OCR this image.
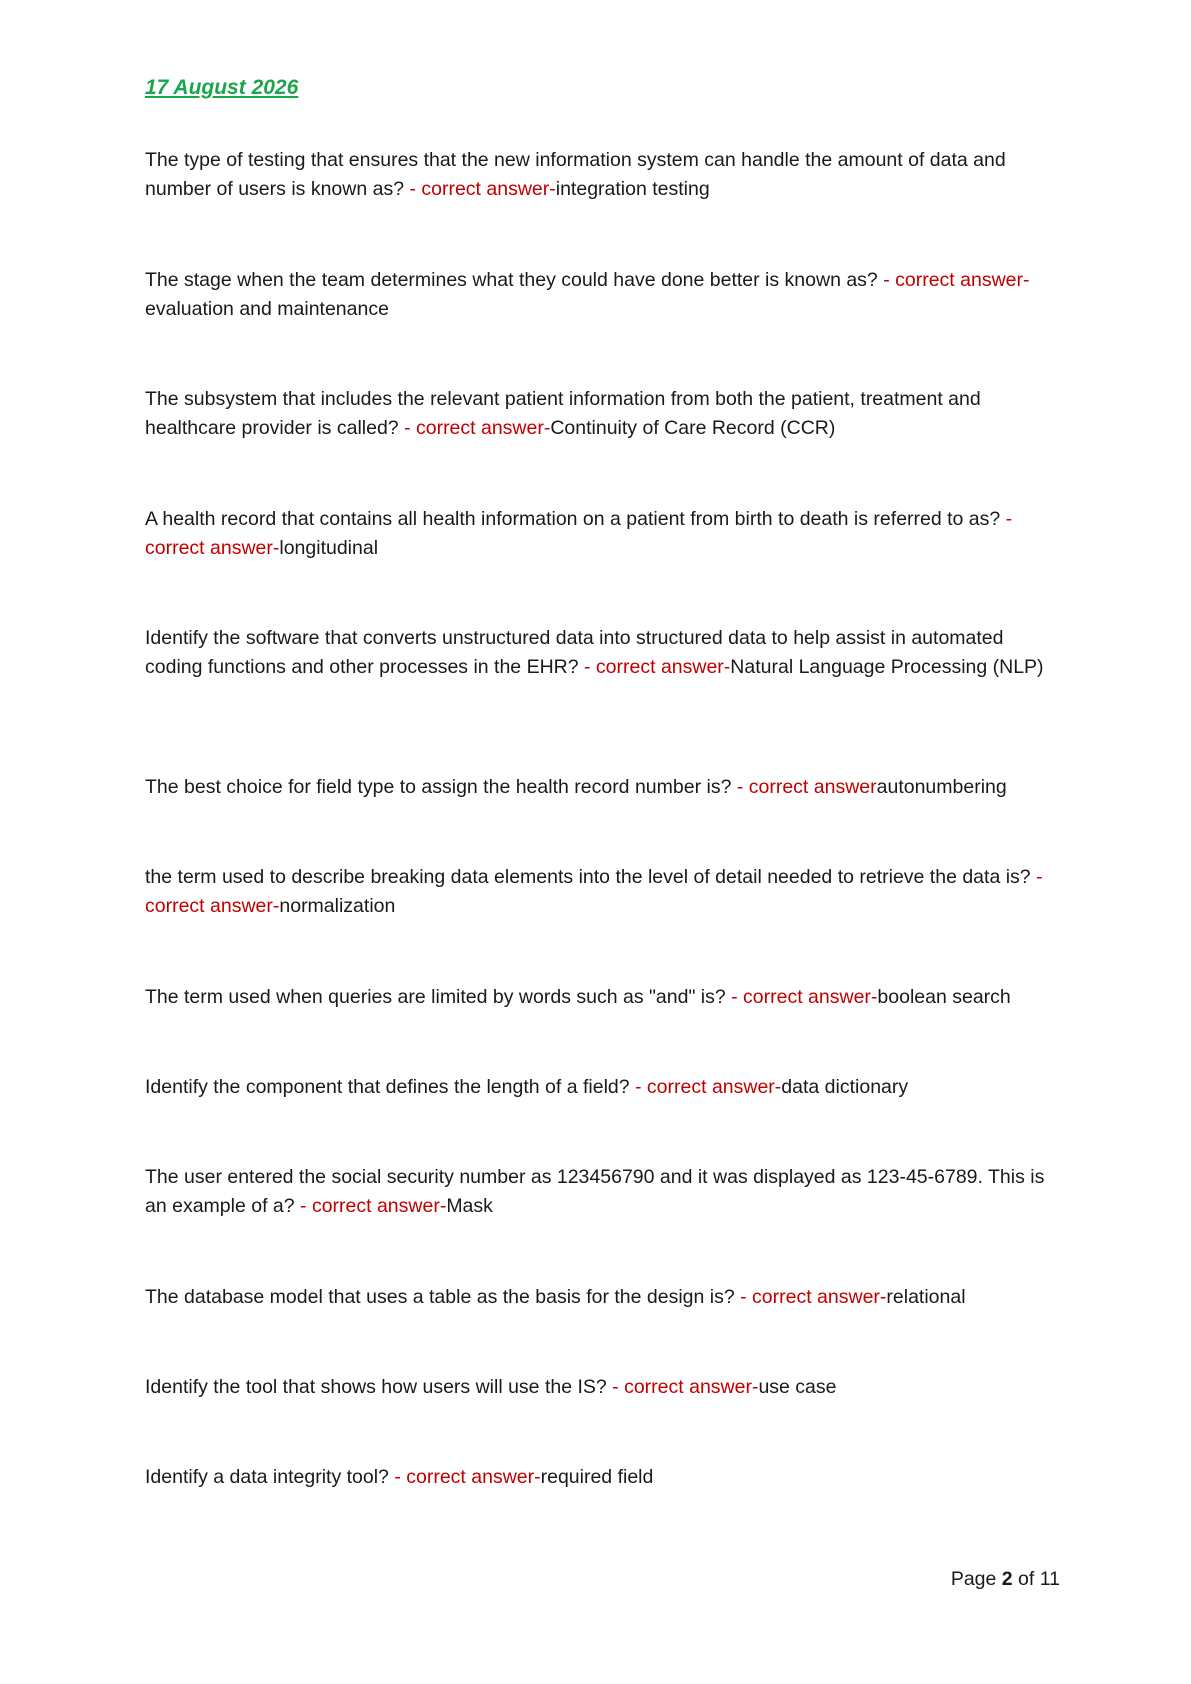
17 August 2026

The type of testing that ensures that the new information system can handle the amount of data and number of users is known as? - correct answer-integration testing
The stage when the team determines what they could have done better is known as? - correct answer-evaluation and maintenance
The subsystem that includes the relevant patient information from both the patient, treatment and healthcare provider is called? - correct answer-Continuity of Care Record (CCR)
A health record that contains all health information on a patient from birth to death is referred to as? - correct answer-longitudinal
Identify the software that converts unstructured data into structured data to help assist in automated coding functions and other processes in the EHR? - correct answer-Natural Language Processing (NLP)
The best choice for field type to assign the health record number is? - correct answerautonumbering
the term used to describe breaking data elements into the level of detail needed to retrieve the data is? - correct answer-normalization
The term used when queries are limited by words such as "and" is? - correct answer-boolean search
Identify the component that defines the length of a field? - correct answer-data dictionary
The user entered the social security number as 123456790 and it was displayed as 123-45-6789. This is an example of a? - correct answer-Mask
The database model that uses a table as the basis for the design is? - correct answer-relational
Identify the tool that shows how users will use the IS? - correct answer-use case
Identify a data integrity tool? - correct answer-required field
Page 2 of 11
